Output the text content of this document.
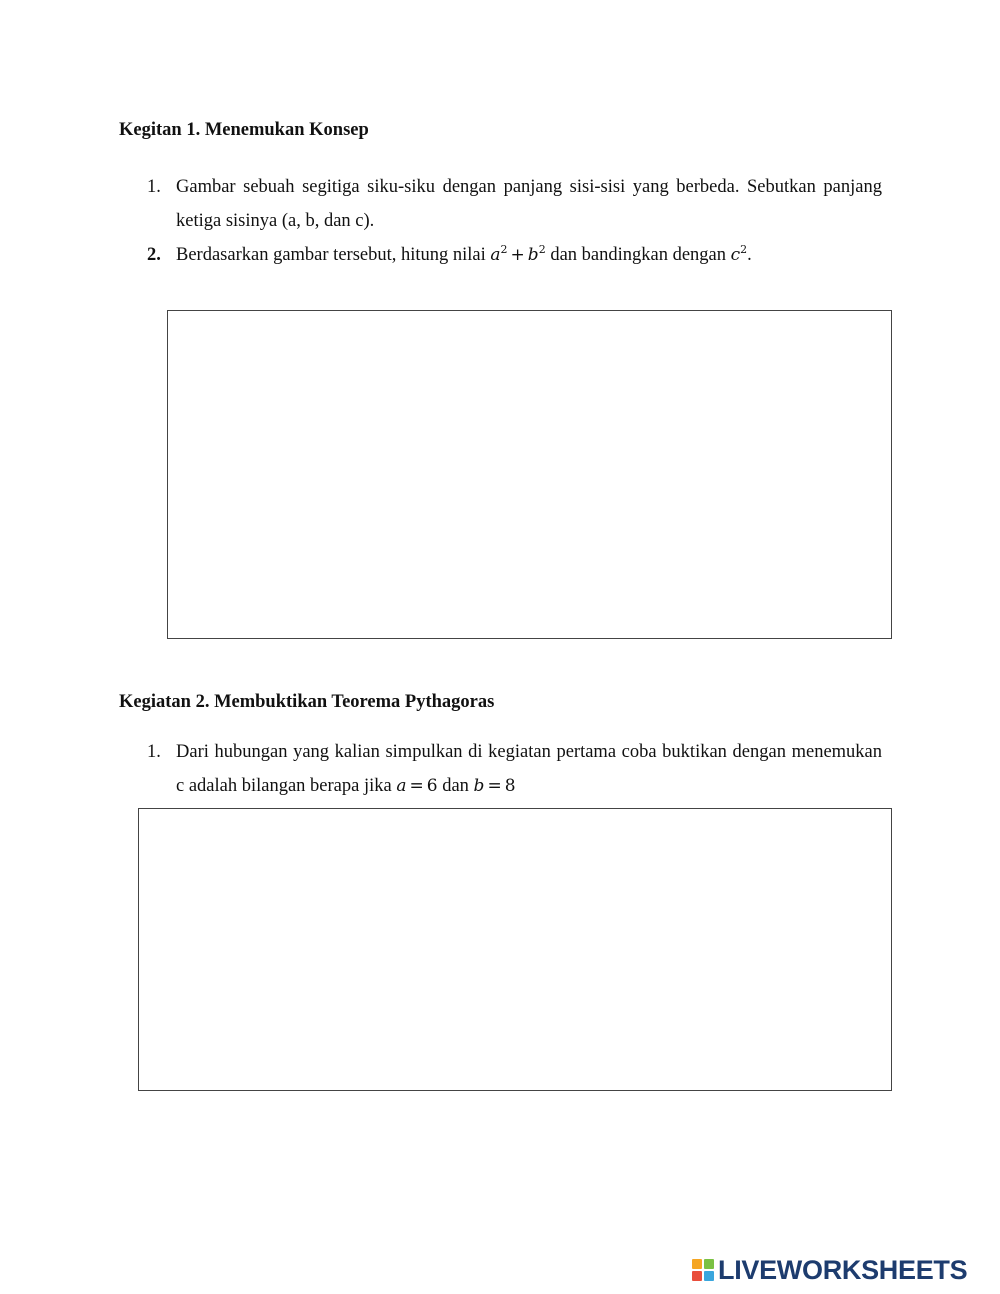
Kegitan 1. Menemukan Konsep
1. Gambar sebuah segitiga siku-siku dengan panjang sisi-sisi yang berbeda. Sebutkan panjang ketiga sisinya (a, b, dan c).
2. Berdasarkan gambar tersebut, hitung nilai $a^2 + b^2$ dan bandingkan dengan $c^2$.
Kegiatan 2. Membuktikan Teorema Pythagoras
1. Dari hubungan yang kalian simpulkan di kegiatan pertama coba buktikan dengan menemukan c adalah bilangan berapa jika a = 6 dan b = 8
LIVEWORKSHEETS
